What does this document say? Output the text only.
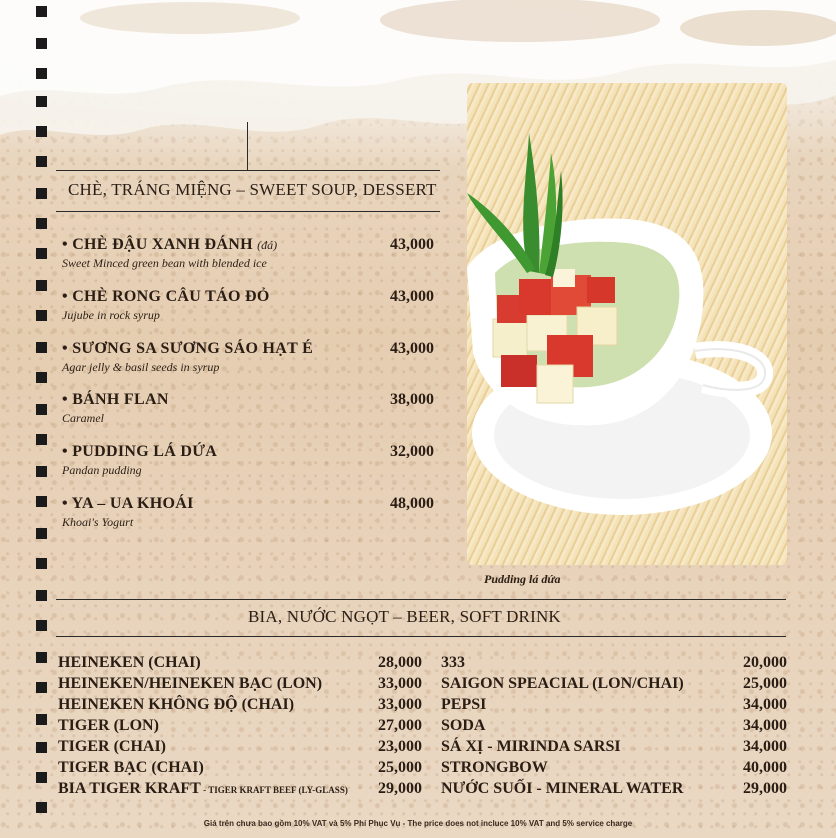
CHÈ, TRÁNG MIỆNG – SWEET SOUP, DESSERT
• CHÈ ĐẬU XANH ĐÁNH (đá)
Sweet Minced green bean with blended ice
43,000
• CHÈ RONG CÂU TÁO ĐỎ
Jujube in rock syrup
43,000
• SƯƠNG SA SƯƠNG SÁO HẠT É
Agar jelly & basil seeds in syrup
43,000
• BÁNH FLAN
Caramel
38,000
• PUDDING LÁ DỨA
Pandan pudding
32,000
• YA – UA KHOÁI
Khoai's Yogurt
48,000
Pudding lá dứa
BIA, NƯỚC NGỌT – BEER, SOFT DRINK
HEINEKEN (CHAI)	28,000
HEINEKEN/HEINEKEN BẠC (LON)	33,000
HEINEKEN KHÔNG ĐỘ (CHAI)	33,000
TIGER (LON)	27,000
TIGER (CHAI)	23,000
TIGER BẠC (CHAI)	25,000
BIA TIGER KRAFT - TIGER KRAFT BEEF (LY-GLASS) 29,000
333	20,000
SAIGON SPEACIAL (LON/CHAI)	25,000
PEPSI	34,000
SODA	34,000
SÁ XỊ - MIRINDA SARSI	34,000
STRONGBOW	40,000
NƯỚC SUỐI - MINERAL WATER	29,000
Giá trên chưa bao gồm 10% VAT và 5% Phí Phục Vụ - The price does not incluce 10% VAT and 5% service charge
